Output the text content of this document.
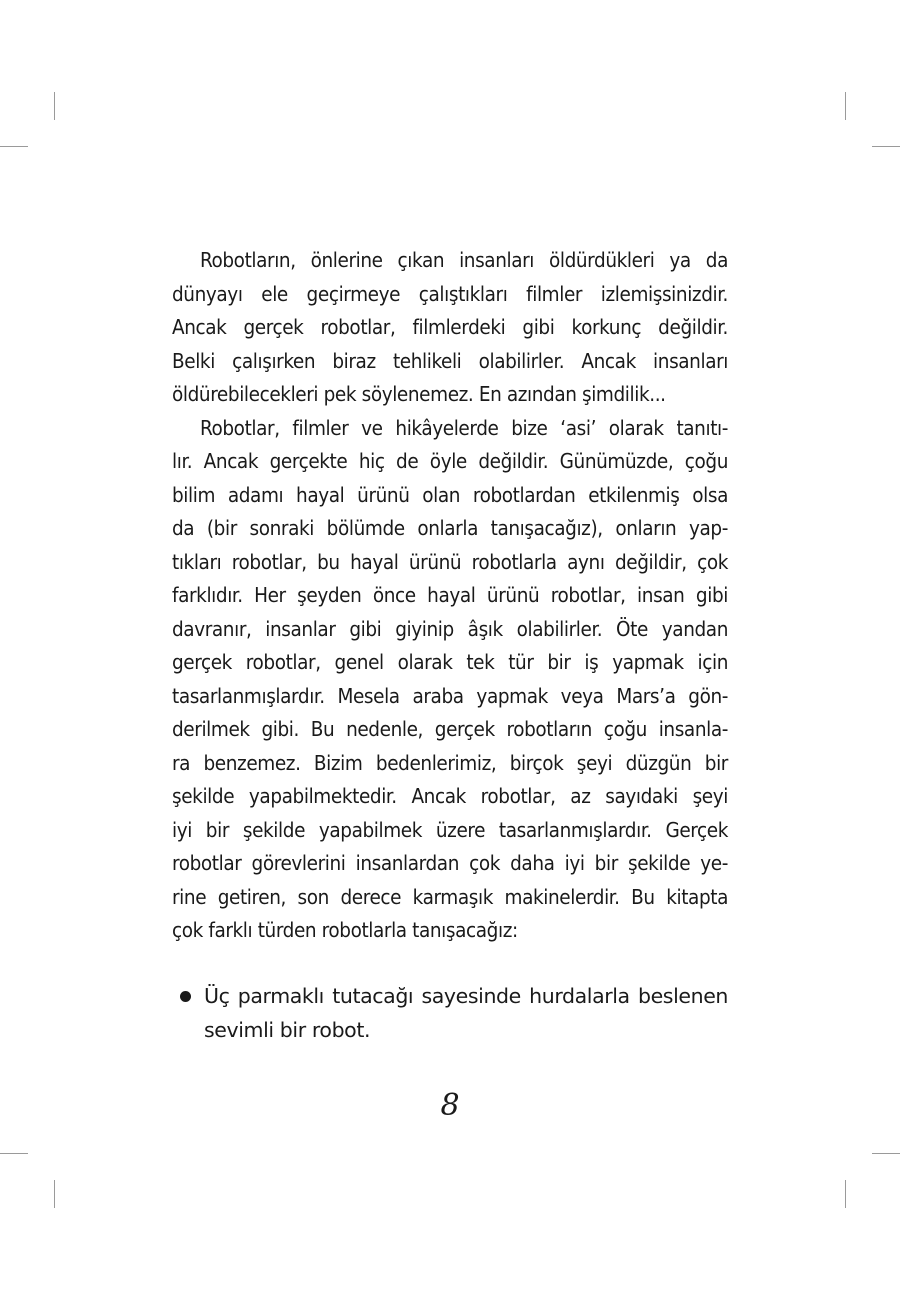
Robotların, önlerine çıkan insanları öldürdükleri ya da
dünyayı ele geçirmeye çalıştıkları filmler izlemişsinizdir.
Ancak gerçek robotlar, filmlerdeki gibi korkunç değildir.
Belki çalışırken biraz tehlikeli olabilirler. Ancak insanları
öldürebilecekleri pek söylenemez. En azından şimdilik...

Robotlar, filmler ve hikâyelerde bize ‘asi’ olarak tanıtı-
lır. Ancak gerçekte hiç de öyle değildir. Günümüzde, çoğu
bilim adamı hayal ürünü olan robotlardan etkilenmiş olsa
da (bir sonraki bölümde onlarla tanışacağız), onların yap-
tıkları robotlar, bu hayal ürünü robotlarla aynı değildir, çok
farklıdır. Her şeyden önce hayal ürünü robotlar, insan gibi
davranır, insanlar gibi giyinip âşık olabilirler. Öte yandan
gerçek robotlar, genel olarak tek tür bir iş yapmak için
tasarlanmışlardır. Mesela araba yapmak veya Mars’a gön-
derilmek gibi. Bu nedenle, gerçek robotların çoğu insanla-
ra benzemez. Bizim bedenlerimiz, birçok şeyi düzgün bir
şekilde yapabilmektedir. Ancak robotlar, az sayıdaki şeyi
iyi bir şekilde yapabilmek üzere tasarlanmışlardır. Gerçek
robotlar görevlerini insanlardan çok daha iyi bir şekilde ye-
rine getiren, son derece karmaşık makinelerdir. Bu kitapta
çok farklı türden robotlarla tanışacağız:

Üç parmaklı tutacağı sayesinde hurdalarla beslenen
sevimli bir robot.
8
